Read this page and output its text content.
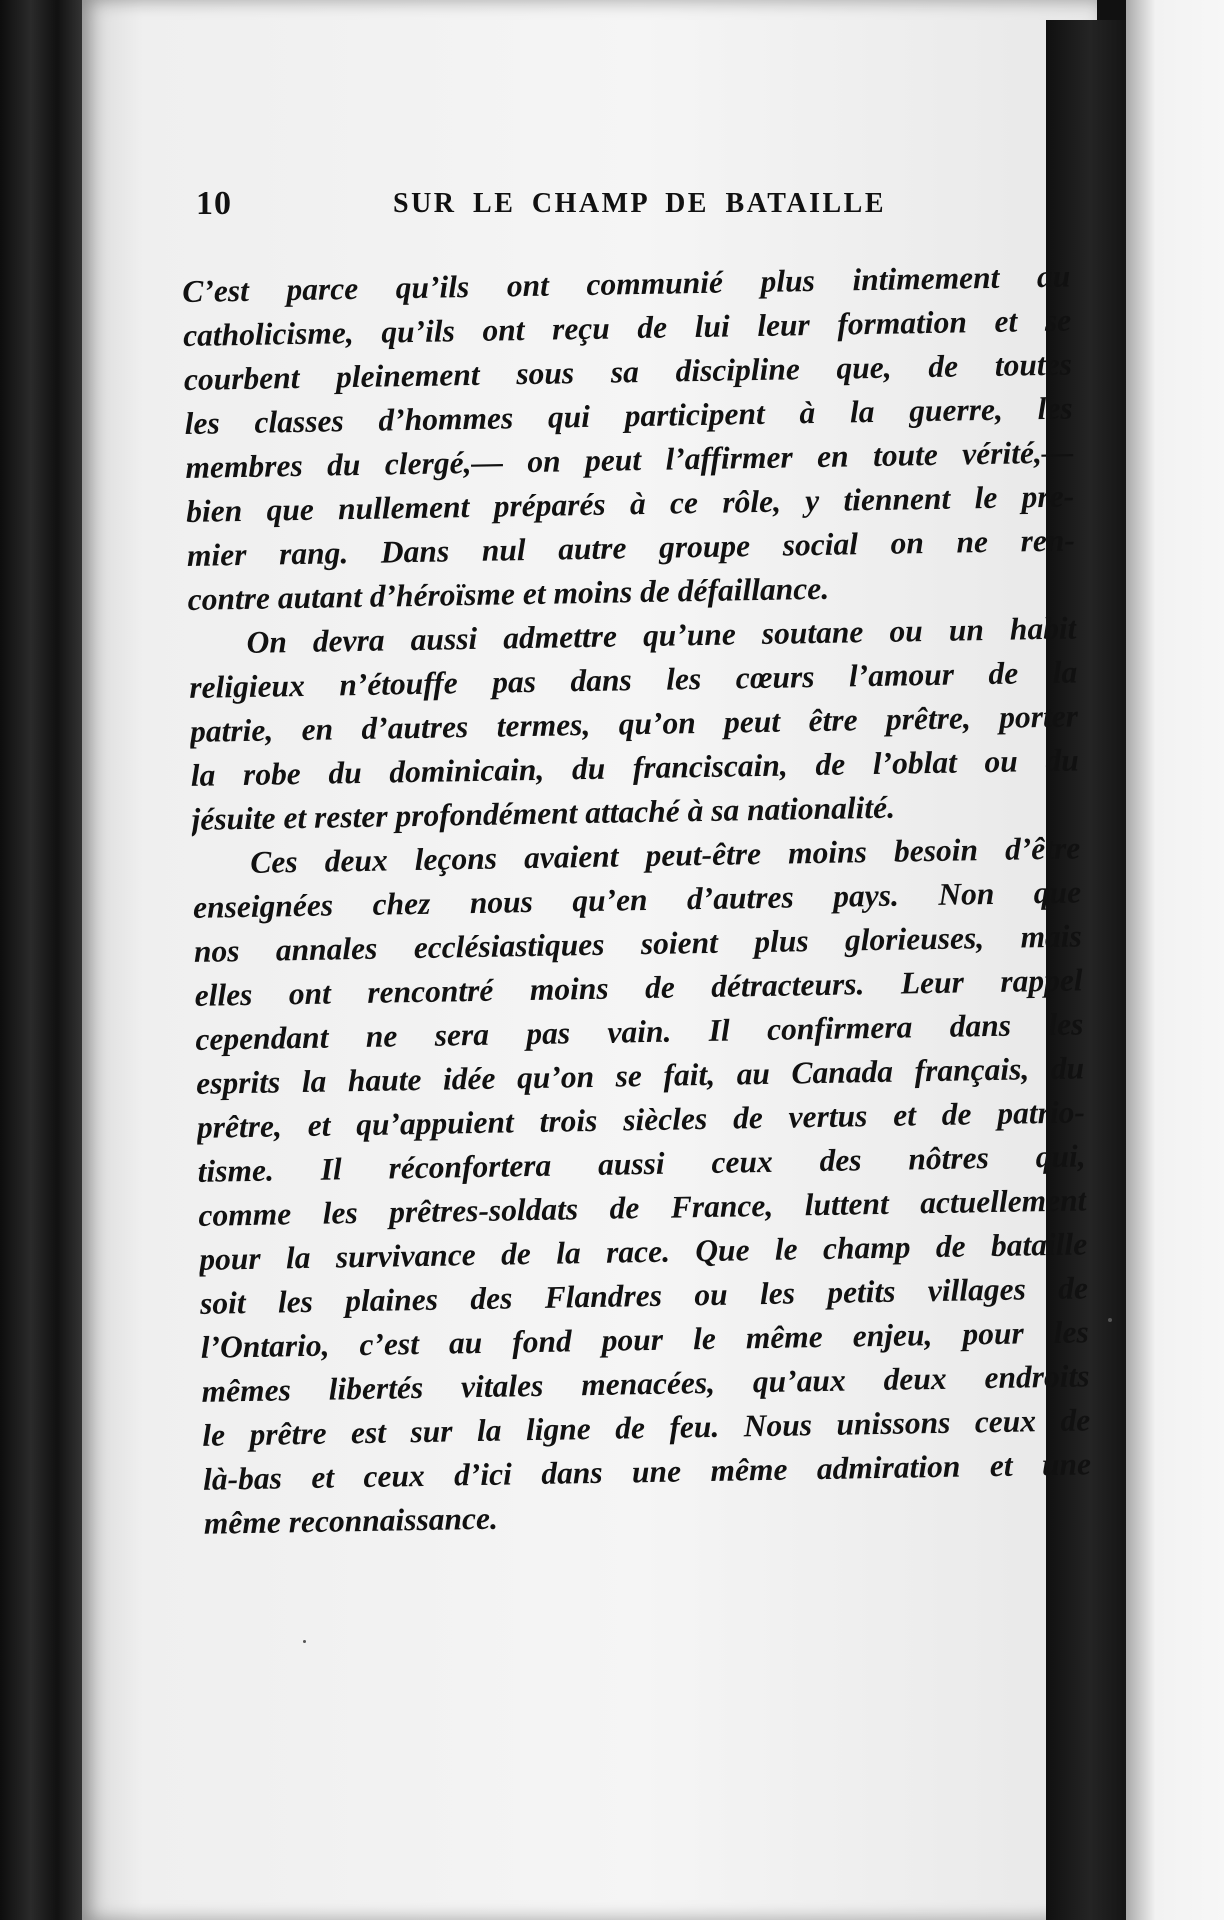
10	SUR LE CHAMP DE BATAILLE
C’est parce qu’ils ont communié plus intimement au
catholicisme, qu’ils ont reçu de lui leur formation et se
courbent pleinement sous sa discipline que, de toutes
les classes d’hommes qui participent à la guerre, les
membres du clergé,— on peut l’affirmer en toute vérité,—
bien que nullement préparés à ce rôle, y tiennent le pre-
mier rang. Dans nul autre groupe social on ne ren-
contre autant d’héroïsme et moins de défaillance.
On devra aussi admettre qu’une soutane ou un habit
religieux n’étouffe pas dans les cœurs l’amour de la
patrie, en d’autres termes, qu’on peut être prêtre, porter
la robe du dominicain, du franciscain, de l’oblat ou du
jésuite et rester profondément attaché à sa nationalité.
Ces deux leçons avaient peut-être moins besoin d’être
enseignées chez nous qu’en d’autres pays. Non que
nos annales ecclésiastiques soient plus glorieuses, mais
elles ont rencontré moins de détracteurs. Leur rappel
cependant ne sera pas vain. Il confirmera dans les
esprits la haute idée qu’on se fait, au Canada français, du
prêtre, et qu’appuient trois siècles de vertus et de patrio-
tisme. Il réconfortera aussi ceux des nôtres qui,
comme les prêtres-soldats de France, luttent actuellement
pour la survivance de la race. Que le champ de bataille
soit les plaines des Flandres ou les petits villages de
l’Ontario, c’est au fond pour le même enjeu, pour les
mêmes libertés vitales menacées, qu’aux deux endroits
le prêtre est sur la ligne de feu. Nous unissons ceux de
là-bas et ceux d’ici dans une même admiration et une
même reconnaissance.
